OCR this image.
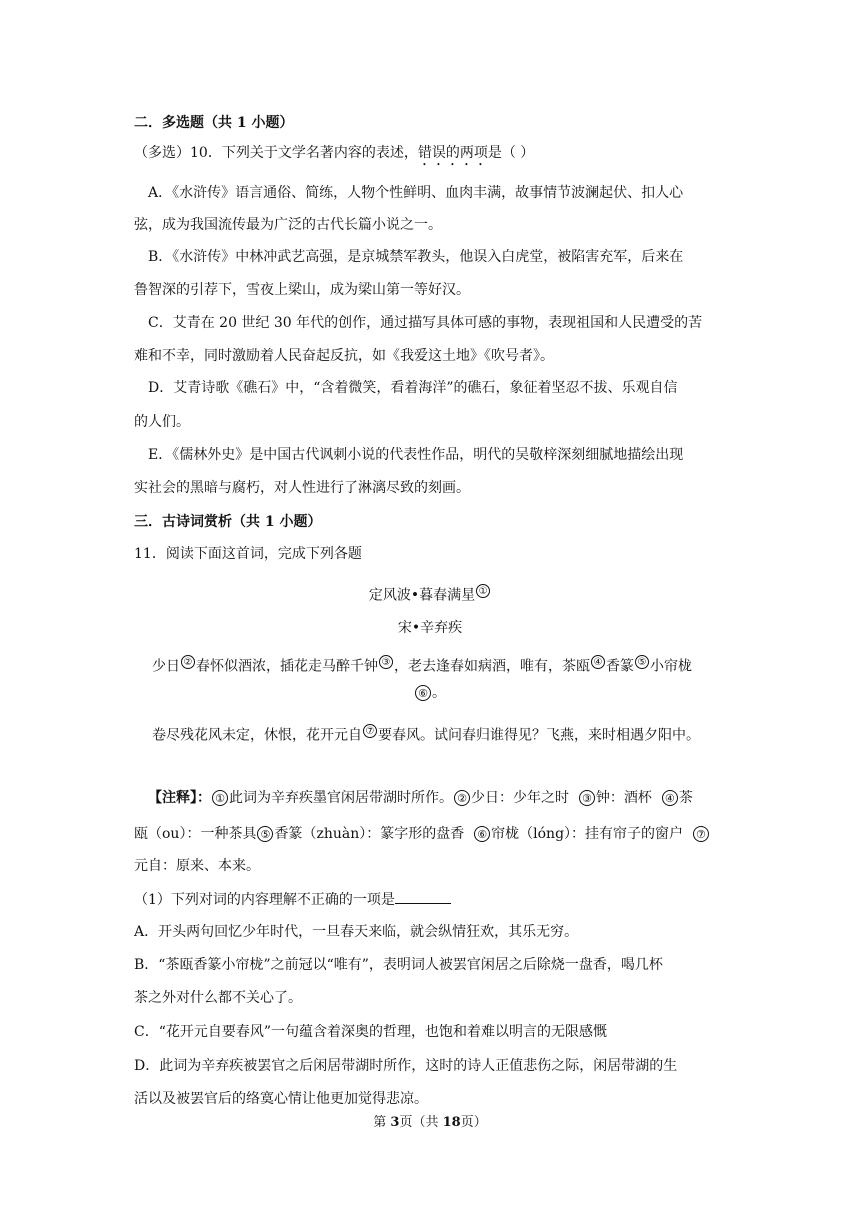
二．多选题（共 1 小题）
（多选）10．下列关于文学名著内容的表述，错误的两项是（ ）
A．《水浒传》语言通俗、简练，人物个性鲜明、血肉丰满，故事情节波澜起伏、扣人心
弦，成为我国流传最为广泛的古代长篇小说之一。
B．《水浒传》中林冲武艺高强，是京城禁军教头，他误入白虎堂，被陷害充军，后来在
鲁智深的引荐下，雪夜上梁山，成为梁山第一等好汉。
C．艾青在 20 世纪 30 年代的创作，通过描写具体可感的事物，表现祖国和人民遭受的苦
难和不幸，同时激励着人民奋起反抗，如《我爱这土地》《吹号者》。
D．艾青诗歌《礁石》中，“含着微笑，看着海洋”的礁石，象征着坚忍不拔、乐观自信
的人们。
E．《儒林外史》是中国古代讽刺小说的代表性作品，明代的吴敬梓深刻细腻地描绘出现
实社会的黑暗与腐朽，对人性进行了淋漓尽致的刻画。
三．古诗词赏析（共 1 小题）
11．阅读下面这首词，完成下列各题
定风波•暮春满星 ①
宋•辛弃疾
少日 ② 春怀似酒浓，插花走马醉千钟 ③ ，老去逢春如病酒，唯有，茶瓯 ④ 香篆 ⑤ 小帘栊
⑥ 。
卷尽残花风未定，休恨，花开元自 ⑦ 要春风。试问春归谁得见？飞燕，来时相遇夕阳中。
【注释】： ① 此词为辛弃疾墨官闲居带湖时所作。 ② 少日：少年之时 ③ 钟：酒杯 ④ 茶
瓯（ou）：一种茶具 ⑤ 香篆（zhuàn）：篆字形的盘香 ⑥ 帘栊（lóng）：挂有帘子的窗户 ⑦
元自：原来、本来。
（1）下列对词的内容理解不正确的一项是
A．开头两句回忆少年时代，一旦春天来临，就会纵情狂欢，其乐无穷。
B．“茶瓯香篆小帘栊”之前冠以“唯有”，表明词人被罢官闲居之后除烧一盘香，喝几杯
茶之外对什么都不关心了。
C．“花开元自要春风”一句蕴含着深奥的哲理，也饱和着难以明言的无限感慨
D．此词为辛弃疾被罢官之后闲居带湖时所作，这时的诗人正值悲伤之际，闲居带湖的生
活以及被罢官后的络寞心情让他更加觉得悲凉。
第 3页（共 18页）
